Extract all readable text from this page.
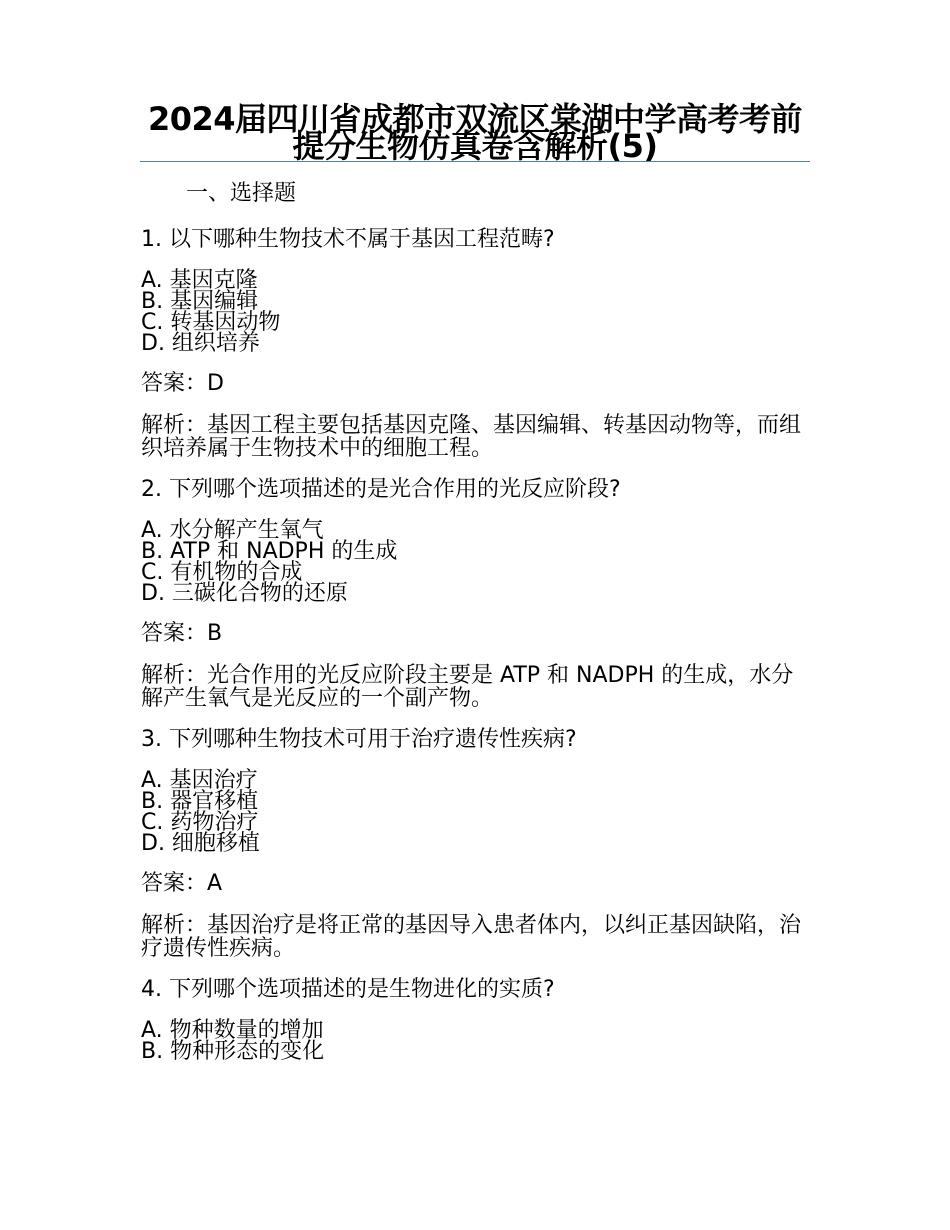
2024届四川省成都市双流区棠湖中学高考考前提分生物仿真卷含解析(5)
一、选择题
1. 以下哪种生物技术不属于基因工程范畴?
A. 基因克隆
B. 基因编辑
C. 转基因动物
D. 组织培养
答案：D
解析：基因工程主要包括基因克隆、基因编辑、转基因动物等，而组织培养属于生物技术中的细胞工程。
2. 下列哪个选项描述的是光合作用的光反应阶段?
A. 水分解产生氧气
B. ATP 和 NADPH 的生成
C. 有机物的合成
D. 三碳化合物的还原
答案：B
解析：光合作用的光反应阶段主要是 ATP 和 NADPH 的生成，水分解产生氧气是光反应的一个副产物。
3. 下列哪种生物技术可用于治疗遗传性疾病?
A. 基因治疗
B. 器官移植
C. 药物治疗
D. 细胞移植
答案：A
解析：基因治疗是将正常的基因导入患者体内，以纠正基因缺陷，治疗遗传性疾病。
4. 下列哪个选项描述的是生物进化的实质?
A. 物种数量的增加
B. 物种形态的变化
